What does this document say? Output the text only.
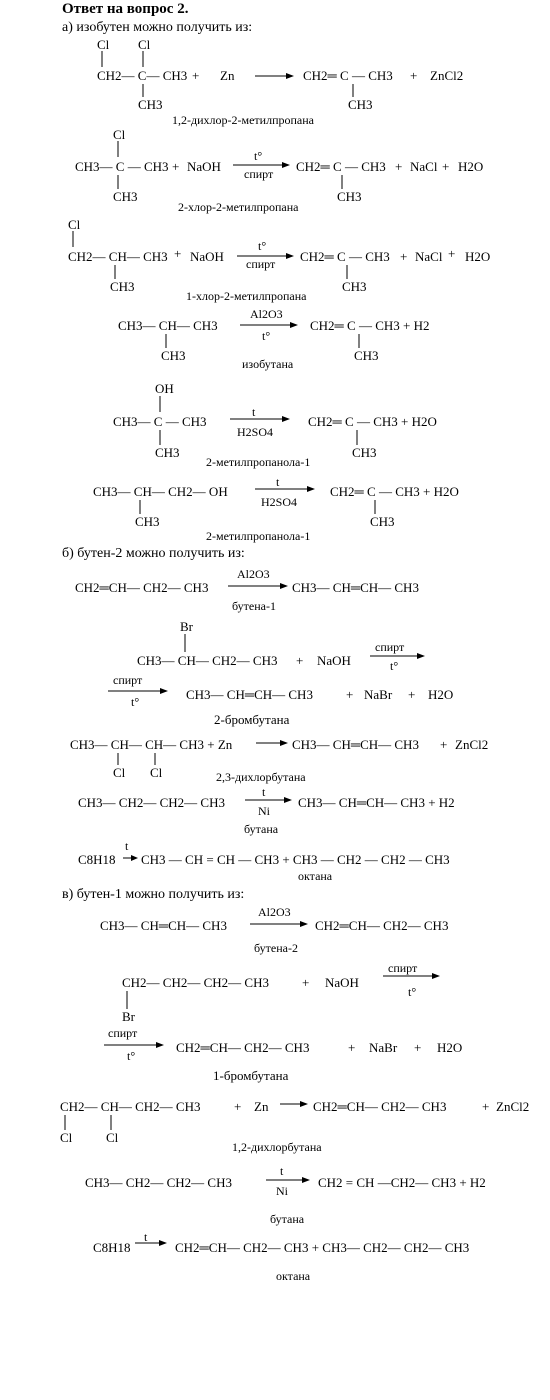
Ответ на вопрос 2.
а) изобутен можно получить из:
Cl Cl
CH2— C— CH3 + Zn
CH3
CH2═ C — CH3 + ZnCl2
CH3
1,2-дихлор-2-метилпропана
Cl
CH3— C — CH3 + NaOH
t°
спирт CH2═ C — CH3 + NaCl + H2O
CH3	CH3
2-хлор-2-метилпропана
Cl
CH2— CH— CH3 + NaOH
t°
спирт CH2═ C — CH3 + NaCl + H2O
CH3	CH3
1-хлор-2-метилпропана
CH3— CH— CH3
Al2O3
t°
CH2═ C — CH3 + H2
CH3	CH3
изобутана
OH
CH3— C — CH3
t
H2SO4
CH2═ C — CH3 + H2O
CH3	CH3
2-метилпропанола-1
CH3— CH— CH2— OH
t
H2SO4
CH2═ C — CH3 + H2O
CH3	CH3
2-метилпропанола-1
б) бутен-2 можно получить из:
CH2═CH— CH2— CH3
Al2O3
CH3— CH═CH— CH3
бутена-1
Br
CH3— CH— CH2— CH3 + NaOH
спирт
t°
спирт
t°	CH3— CH═CH— CH3	+ NaBr + H2O
2-бромбутана
CH3— CH— CH— CH3 + Zn
Cl Cl
CH3— CH═CH— CH3 + ZnCl2
2,3-дихлорбутана
CH3— CH2— CH2— CH3
t
Ni
CH3— CH═CH— CH3 + H2
бутана
t
C8H18 CH3 — CH = CH — CH3 + CH3 — CH2 — CH2 — CH3
октана
в) бутен-1 можно получить из:
CH3— CH═CH— CH3
Al2O3
CH2═CH— CH2— CH3
бутена-2
CH2— CH2— CH2— CH3	+ NaOH
спирт
t°
Br
спирт
t°
CH2═CH— CH2— CH3	+ NaBr + H2O
1-бромбутана
CH2— CH— CH2— CH3	+ Zn
Cl	Cl
CH2═CH— CH2— CH3	+ ZnCl2
1,2-дихлорбутана
CH3— CH2— CH2— CH3
t
Ni
CH2 = CH —CH2— CH3 + H2
бутана
C8H18
t
CH2═CH— CH2— CH3 + CH3— CH2— CH2— CH3
октана
